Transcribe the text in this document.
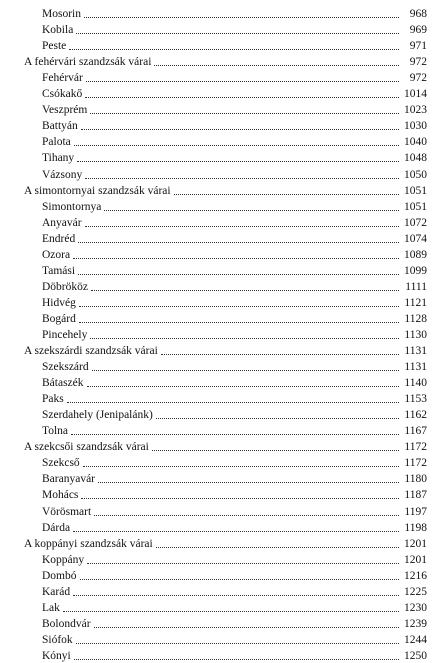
Mosorin	968
Kobila	969
Peste	971
A fehérvári szandzsák várai	972
Fehérvár	972
Csókakő	1014
Veszprém	1023
Battyán	1030
Palota	1040
Tihany	1048
Vázsony	1050
A simontornyai szandzsák várai	1051
Simontornya	1051
Anyavár	1072
Endréd	1074
Ozora	1089
Tamási	1099
Döbrököz	1111
Hidvég	1121
Bogárd	1128
Pincehely	1130
A szekszárdi szandzsák várai	1131
Szekszárd	1131
Bátaszék	1140
Paks	1153
Szerdahely (Jenipalánk)	1162
Tolna	1167
A szekcsői szandzsák várai	1172
Szekcső	1172
Baranyavár	1180
Mohács	1187
Vörösmart	1197
Dárda	1198
A koppányi szandzsák várai	1201
Koppány	1201
Dombó	1216
Karád	1225
Lak	1230
Bolondvár	1239
Siófok	1244
Kónyi	1250
